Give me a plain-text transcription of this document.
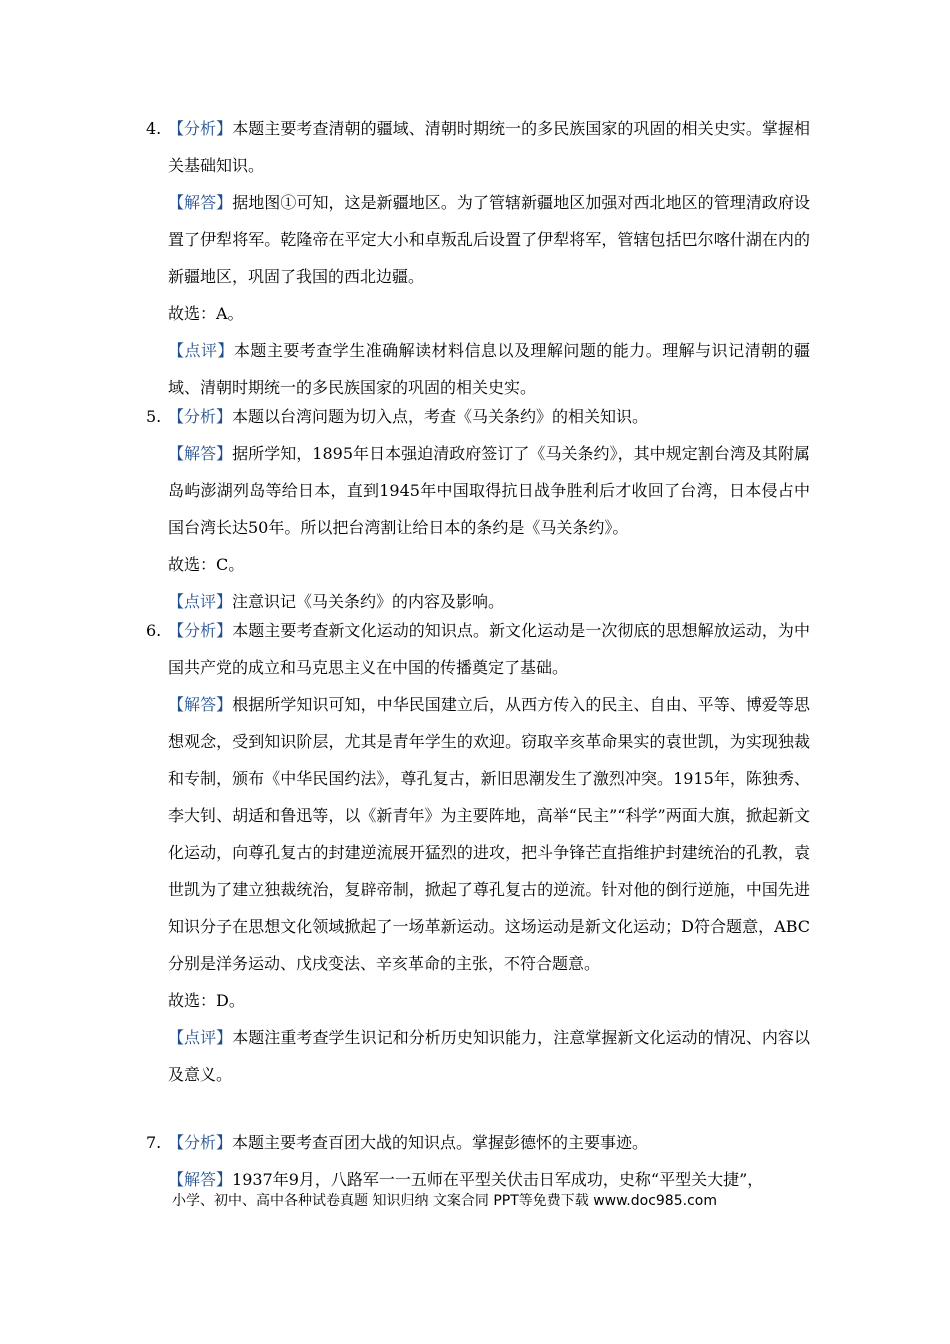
4. 【分析】本题主要考查清朝的疆域、清朝时期统一的多民族国家的巩固的相关史实。掌握相关基础知识。
【解答】据地图①可知，这是新疆地区。为了管辖新疆地区加强对西北地区的管理清政府设置了伊犁将军。乾隆帝在平定大小和卓叛乱后设置了伊犁将军，管辖包括巴尔喀什湖在内的新疆地区，巩固了我国的西北边疆。
故选：A。
【点评】本题主要考查学生准确解读材料信息以及理解问题的能力。理解与识记清朝的疆域、清朝时期统一的多民族国家的巩固的相关史实。
5. 【分析】本题以台湾问题为切入点，考查《马关条约》的相关知识。
【解答】据所学知，1895年日本强迫清政府签订了《马关条约》，其中规定割台湾及其附属岛屿澎湖列岛等给日本，直到1945年中国取得抗日战争胜利后才收回了台湾，日本侵占中国台湾长达50年。所以把台湾割让给日本的条约是《马关条约》。
故选：C。
【点评】注意识记《马关条约》的内容及影响。
6. 【分析】本题主要考查新文化运动的知识点。新文化运动是一次彻底的思想解放运动，为中国共产党的成立和马克思主义在中国的传播奠定了基础。
【解答】根据所学知识可知，中华民国建立后，从西方传入的民主、自由、平等、博爱等思想观念，受到知识阶层，尤其是青年学生的欢迎。窃取辛亥革命果实的袁世凯，为实现独裁和专制，颁布《中华民国约法》，尊孔复古，新旧思潮发生了激烈冲突。1915年，陈独秀、李大钊、胡适和鲁迅等，以《新青年》为主要阵地，高举“民主”“科学”两面大旗，掀起新文化运动，向尊孔复古的封建逆流展开猛烈的进攻，把斗争锋芒直指维护封建统治的孔教，袁世凯为了建立独裁统治，复辟帝制，掀起了尊孔复古的逆流。针对他的倒行逆施，中国先进知识分子在思想文化领域掀起了一场革新运动。这场运动是新文化运动；D符合题意，ABC分别是洋务运动、戊戌变法、辛亥革命的主张，不符合题意。
故选：D。
【点评】本题注重考查学生识记和分析历史知识能力，注意掌握新文化运动的情况、内容以及意义。
7. 【分析】本题主要考查百团大战的知识点。掌握彭德怀的主要事迹。
【解答】1937年9月，八路军一一五师在平型关伏击日军成功，史称“平型关大捷”，
小学、初中、高中各种试卷真题 知识归纳 文案合同 PPT等免费下载 www.doc985.com
